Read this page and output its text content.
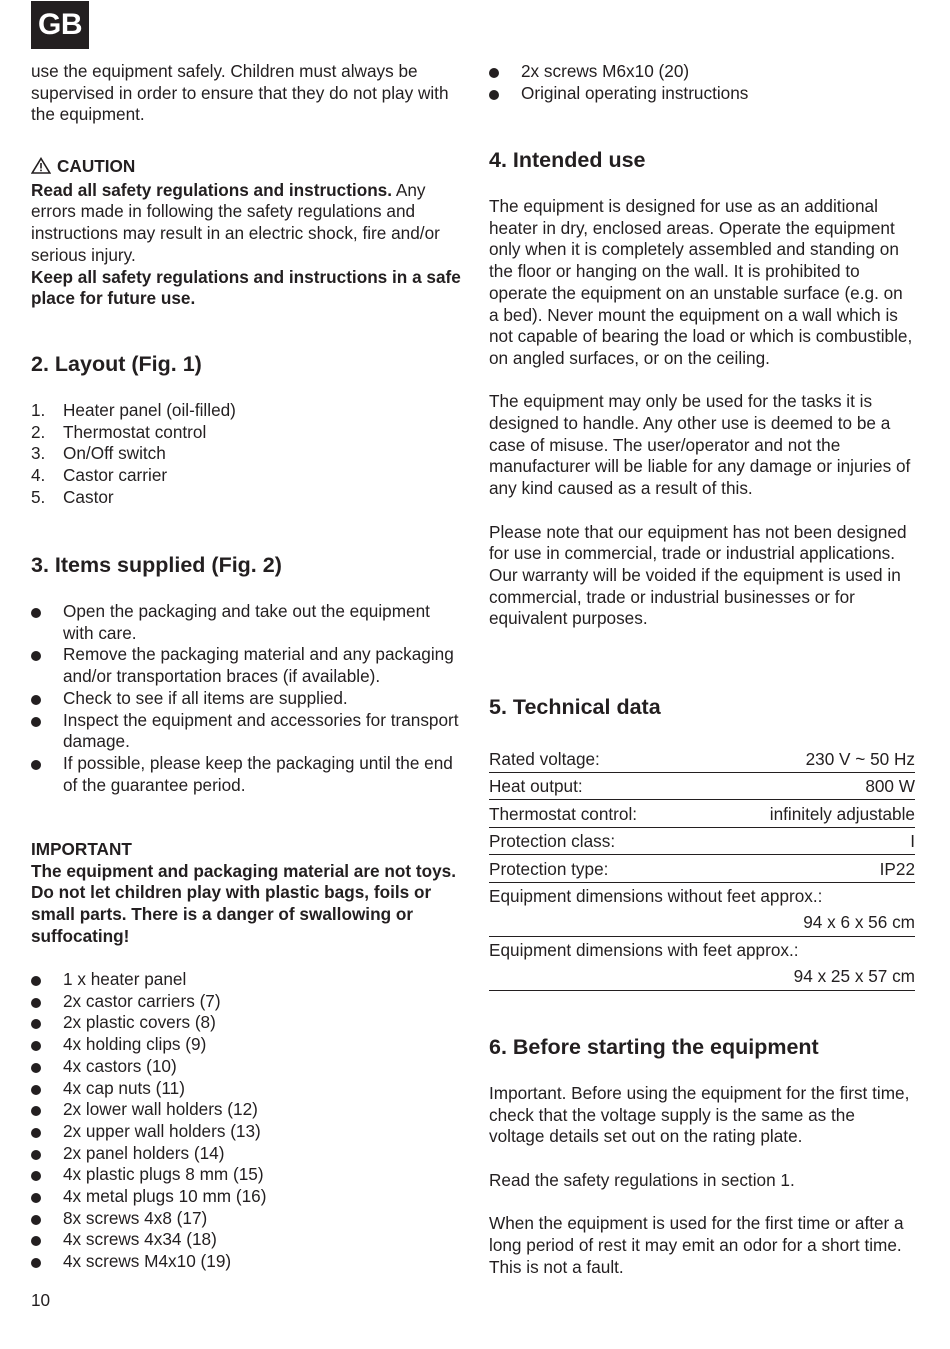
GB

use the equipment safely. Children must always be supervised in order to ensure that they do not play with the equipment.

CAUTION

Read all safety regulations and instructions. Any errors made in following the safety regulations and instructions may result in an electric shock, fire and/or serious injury.

Keep all safety regulations and instructions in a safe place for future use.

2. Layout (Fig. 1)
1. Heater panel (oil-filled)
2. Thermostat control
3. On/Off switch
4. Castor carrier
5. Castor
3. Items supplied (Fig. 2)
Open the packaging and take out the equipment with care.
Remove the packaging material and any packaging and/or transportation braces (if available).
Check to see if all items are supplied.
Inspect the equipment and accessories for transport damage.
If possible, please keep the packaging until the end of the guarantee period.

IMPORTANT

The equipment and packaging material are not toys. Do not let children play with plastic bags, foils or small parts. There is a danger of swallowing or suffocating!

1 x heater panel
2x castor carriers (7)
2x plastic covers (8)
4x holding clips (9)
4x castors (10)
4x cap nuts (11)
2x lower wall holders (12)
2x upper wall holders (13)
2x panel holders (14)
4x plastic plugs 8 mm (15)
4x metal plugs 10 mm (16)
8x screws 4x8 (17)
4x screws 4x34 (18)
4x screws M4x10 (19)
10
2x screws M6x10 (20)
Original operating instructions
4. Intended use

The equipment is designed for use as an additional heater in dry, enclosed areas. Operate the equipment only when it is completely assembled and standing on the floor or hanging on the wall. It is prohibited to operate the equipment on an unstable surface (e.g. on a bed). Never mount the equipment on a wall which is not capable of bearing the load or which is combustible, on angled surfaces, or on the ceiling.

The equipment may only be used for the tasks it is designed to handle. Any other use is deemed to be a case of misuse. The user/operator and not the manufacturer will be liable for any damage or injuries of any kind caused as a result of this.

Please note that our equipment has not been designed for use in commercial, trade or industrial applications.

Our warranty will be voided if the equipment is used in commercial, trade or industrial businesses or for equivalent purposes.

5. Technical data
Rated voltage:	230 V ~ 50 Hz
Heat output:	800 W
Thermostat control:	infinitely adjustable
Protection class:	I
Protection type:	IP22
Equipment dimensions without feet approx.:
94 x 6 x 56 cm
Equipment dimensions with feet approx.:
94 x 25 x 57 cm
6. Before starting the equipment

Important. Before using the equipment for the first time, check that the voltage supply is the same as the voltage details set out on the rating plate.

Read the safety regulations in section 1.

When the equipment is used for the first time or after a long period of rest it may emit an odor for a short time. This is not a fault.
